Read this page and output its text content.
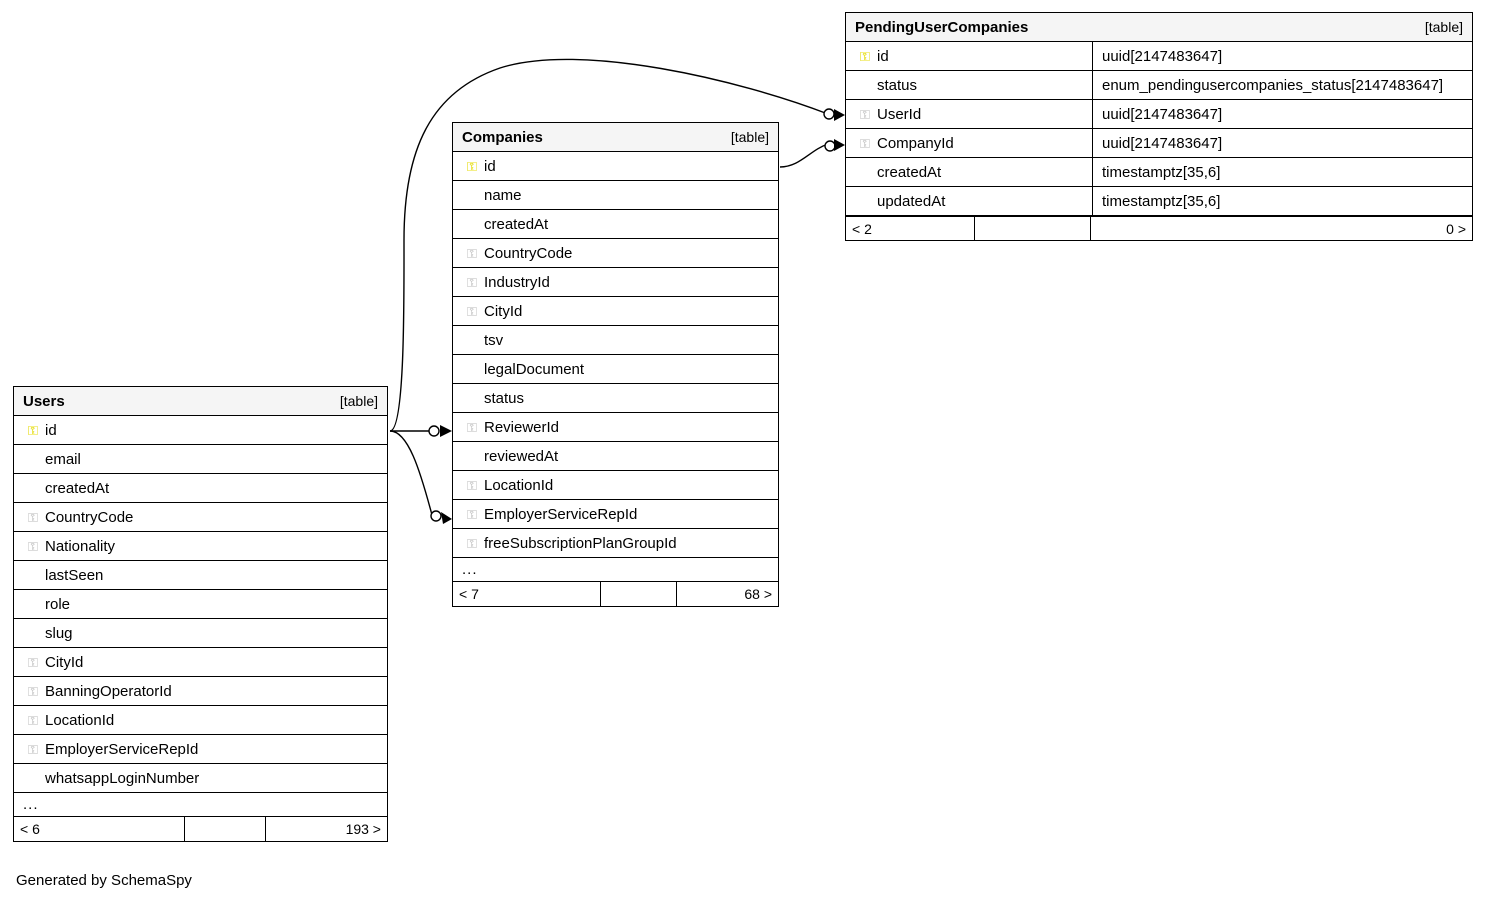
Users	[table]
⚿ id
email
createdAt
⚿ CountryCode
⚿ Nationality
lastSeen
role
slug
⚿ CityId
⚿ BanningOperatorId
⚿ LocationId
⚿ EmployerServiceRepId
whatsappLoginNumber
...
< 6	193 >
Companies	[table]
⚿ id
name
createdAt
⚿ CountryCode
⚿ IndustryId
⚿ CityId
tsv
legalDocument
status
⚿ ReviewerId
reviewedAt
⚿ LocationId
⚿ EmployerServiceRepId
⚿ freeSubscriptionPlanGroupId
...
< 7	68 >
PendingUserCompanies	[table]
⚿ id	uuid[2147483647]
status	enum_pendingusercompanies_status[2147483647]
⚿ UserId	uuid[2147483647]
⚿ CompanyId	uuid[2147483647]
createdAt	timestamptz[35,6]
updatedAt	timestamptz[35,6]
< 2	0 >
Generated by SchemaSpy
